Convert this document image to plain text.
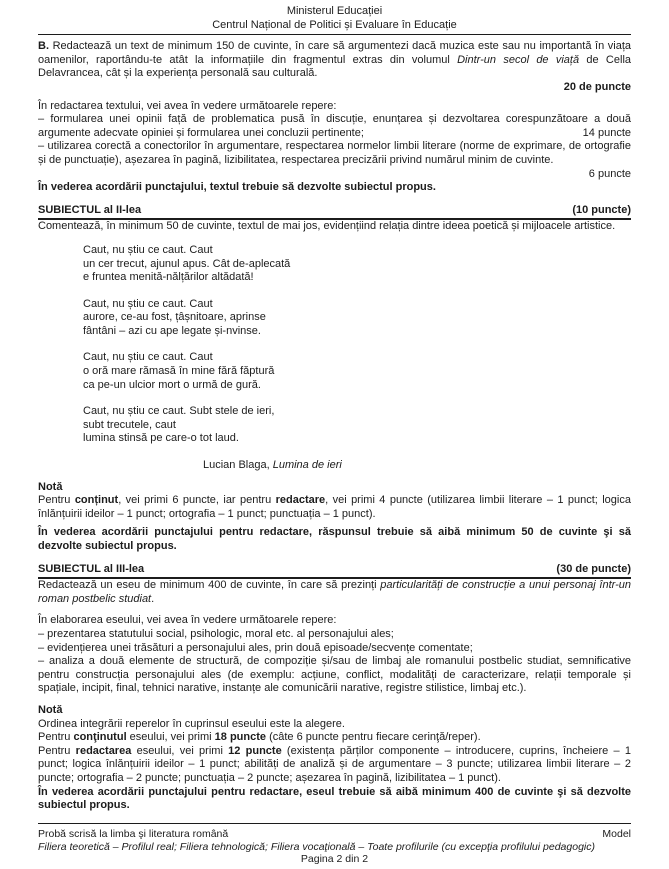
Ministerul Educației

Centrul Național de Politici și Evaluare în Educație

B. Redactează un text de minimum 150 de cuvinte, în care să argumentezi dacă muzica este sau nu importantă în viața oamenilor, raportându-te atât la informațiile din fragmentul extras din volumul Dintr-un secol de viață de Cella Delavrancea, cât și la experiența personală sau culturală.

20 de puncte

În redactarea textului, vei avea în vedere următoarele repere:

– formularea unei opinii față de problematica pusă în discuție, enunțarea și dezvoltarea corespunzătoare a două argumente adecvate opiniei și formularea unei concluzii pertinente;	14 puncte

– utilizarea corectă a conectorilor în argumentare, respectarea normelor limbii literare (norme de exprimare, de ortografie și de punctuație), așezarea în pagină, lizibilitatea, respectarea precizării privind numărul minim de cuvinte.

6 puncte

În vederea acordării punctajului, textul trebuie să dezvolte subiectul propus.

SUBIECTUL al II-lea	(10 puncte)

Comentează, în minimum 50 de cuvinte, textul de mai jos, evidențiind relația dintre ideea poetică și mijloacele artistice.

Caut, nu știu ce caut. Caut

un cer trecut, ajunul apus. Cât de-aplecată

e fruntea menită-nălțărilor altădată!

Caut, nu știu ce caut. Caut

aurore, ce-au fost, țâșnitoare, aprinse

fântâni – azi cu ape legate și-nvinse.

Caut, nu știu ce caut. Caut

o oră mare rămasă în mine fără făptură

ca pe-un ulcior mort o urmă de gură.

Caut, nu știu ce caut. Subt stele de ieri,

subt trecutele, caut

lumina stinsă pe care-o tot laud.

Lucian Blaga, Lumina de ieri

Notă

Pentru conținut, vei primi 6 puncte, iar pentru redactare, vei primi 4 puncte (utilizarea limbii literare – 1 punct; logica înlănțuirii ideilor – 1 punct; ortografia – 1 punct; punctuația – 1 punct).

În vederea acordării punctajului pentru redactare, răspunsul trebuie să aibă minimum 50 de cuvinte şi să dezvolte subiectul propus.

SUBIECTUL al III-lea	(30 de puncte)

Redactează un eseu de minimum 400 de cuvinte, în care să prezinți particularități de construcție a unui personaj într-un roman postbelic studiat.

În elaborarea eseului, vei avea în vedere următoarele repere:

– prezentarea statutului social, psihologic, moral etc. al personajului ales;

– evidențierea unei trăsături a personajului ales, prin două episoade/secvențe comentate;

– analiza a două elemente de structură, de compoziție și/sau de limbaj ale romanului postbelic studiat, semnificative pentru construcția personajului ales (de exemplu: acțiune, conflict, modalități de caracterizare, relații temporale și spațiale, incipit, final, tehnici narative, instanțe ale comunicării narative, registre stilistice, limbaj etc.).

Notă

Ordinea integrării reperelor în cuprinsul eseului este la alegere.

Pentru conţinutul eseului, vei primi 18 puncte (câte 6 puncte pentru fiecare cerinţă/reper).

Pentru redactarea eseului, vei primi 12 puncte (existența părților componente – introducere, cuprins, încheiere – 1 punct; logica înlănțuirii ideilor – 1 punct; abilități de analiză și de argumentare – 3 puncte; utilizarea limbii literare – 2 puncte; ortografia – 2 puncte; punctuația – 2 puncte; așezarea în pagină, lizibilitatea – 1 punct).

În vederea acordării punctajului pentru redactare, eseul trebuie să aibă minimum 400 de cuvinte şi să dezvolte subiectul propus.

Probă scrisă la limba şi literatura română	Model

Filiera teoretică – Profilul real; Filiera tehnologică; Filiera vocaţională – Toate profilurile (cu excepţia profilului pedagogic)

Pagina 2 din 2
